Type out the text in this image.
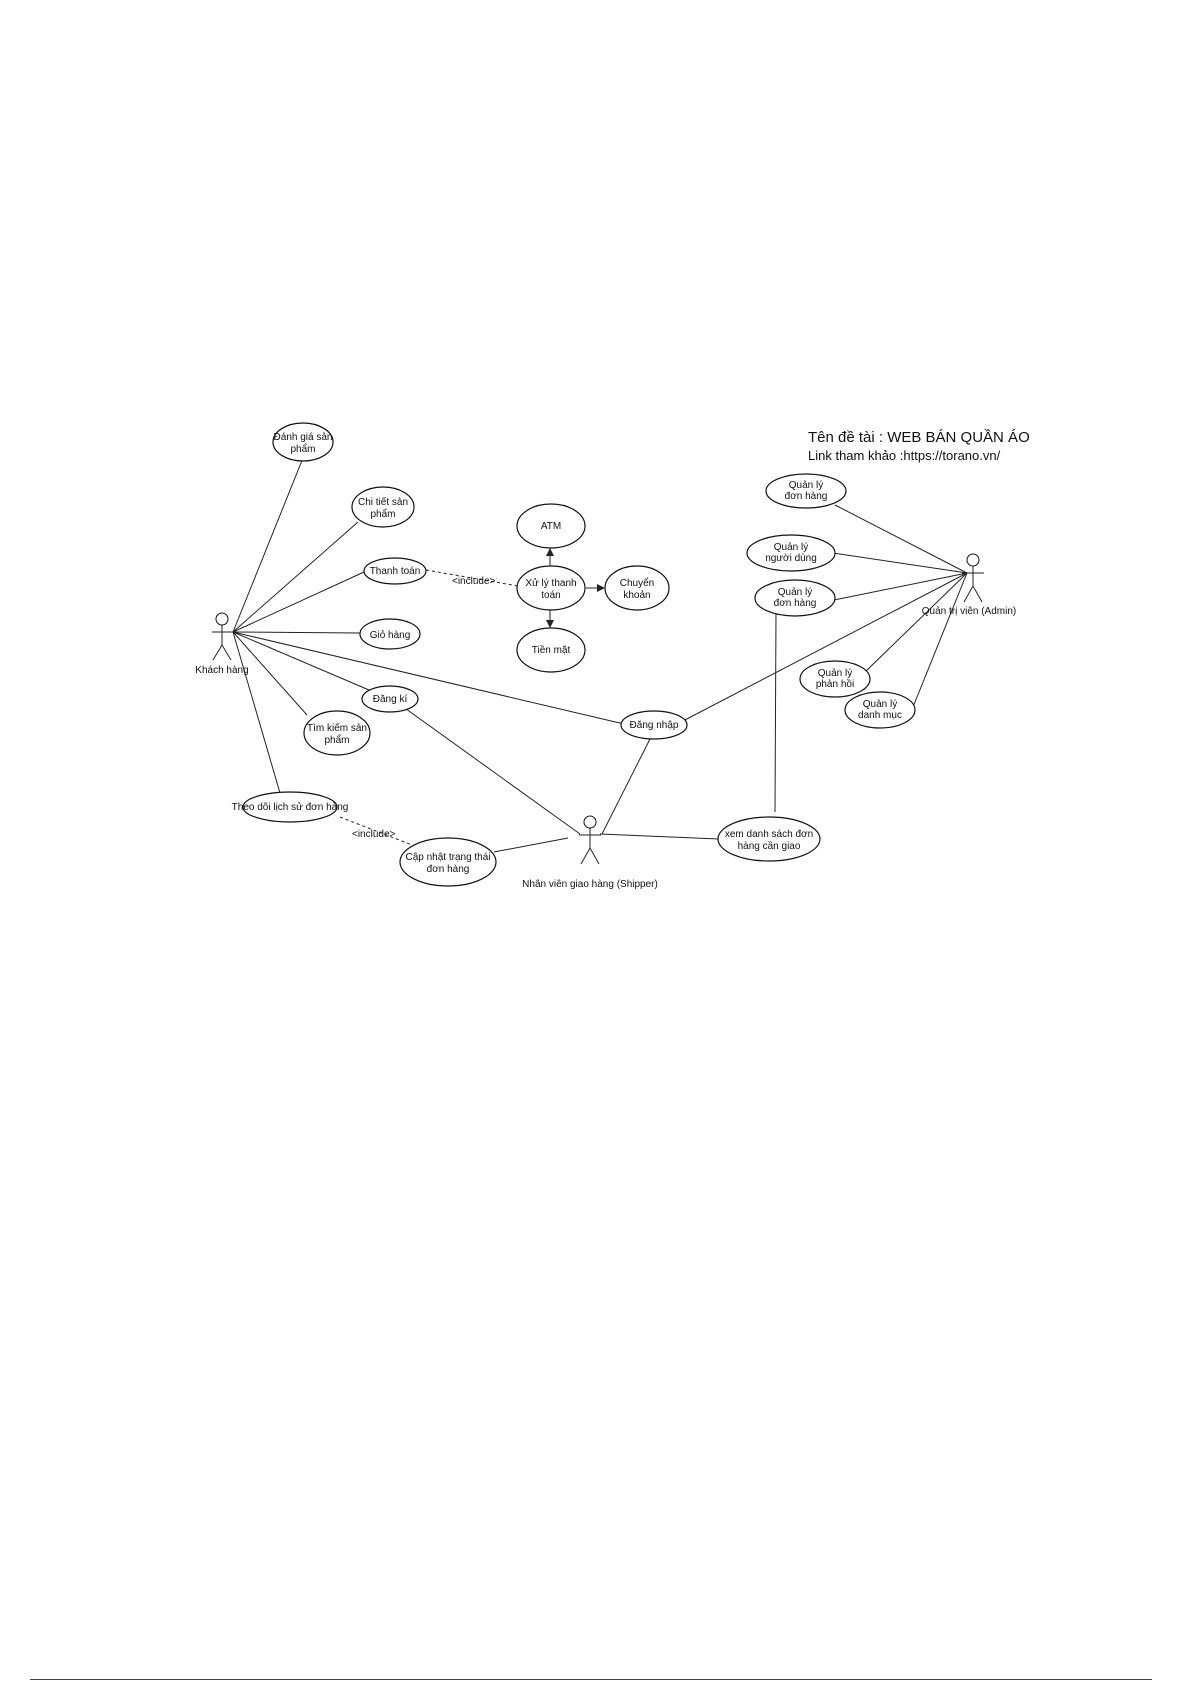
Tên đề tài : WEB BÁN QUẦN ÁO
Link tham khảo :https://torano.vn/
<include>
<include>
Đánh giá sản
phẩm
Chi tiết sản
phẩm
Thanh toán
Giỏ hàng
Đăng kí
Tìm kiếm sản
phẩm
Theo dõi lịch sử đơn hàng
Cập nhật trạng thái
đơn hàng
ATM
Xử lý thanh
toán
Chuyển
khoản
Tiền mặt
Đăng nhập
xem danh sách đơn
hàng cần giao
Quản lý
đơn hàng
Quản lý
người dùng
Quản lý
đơn hàng
Quản lý
phản hồi
Quản lý
danh mục
Khách hàng
Quản trị viên (Admin)
Nhân viên giao hàng (Shipper)
